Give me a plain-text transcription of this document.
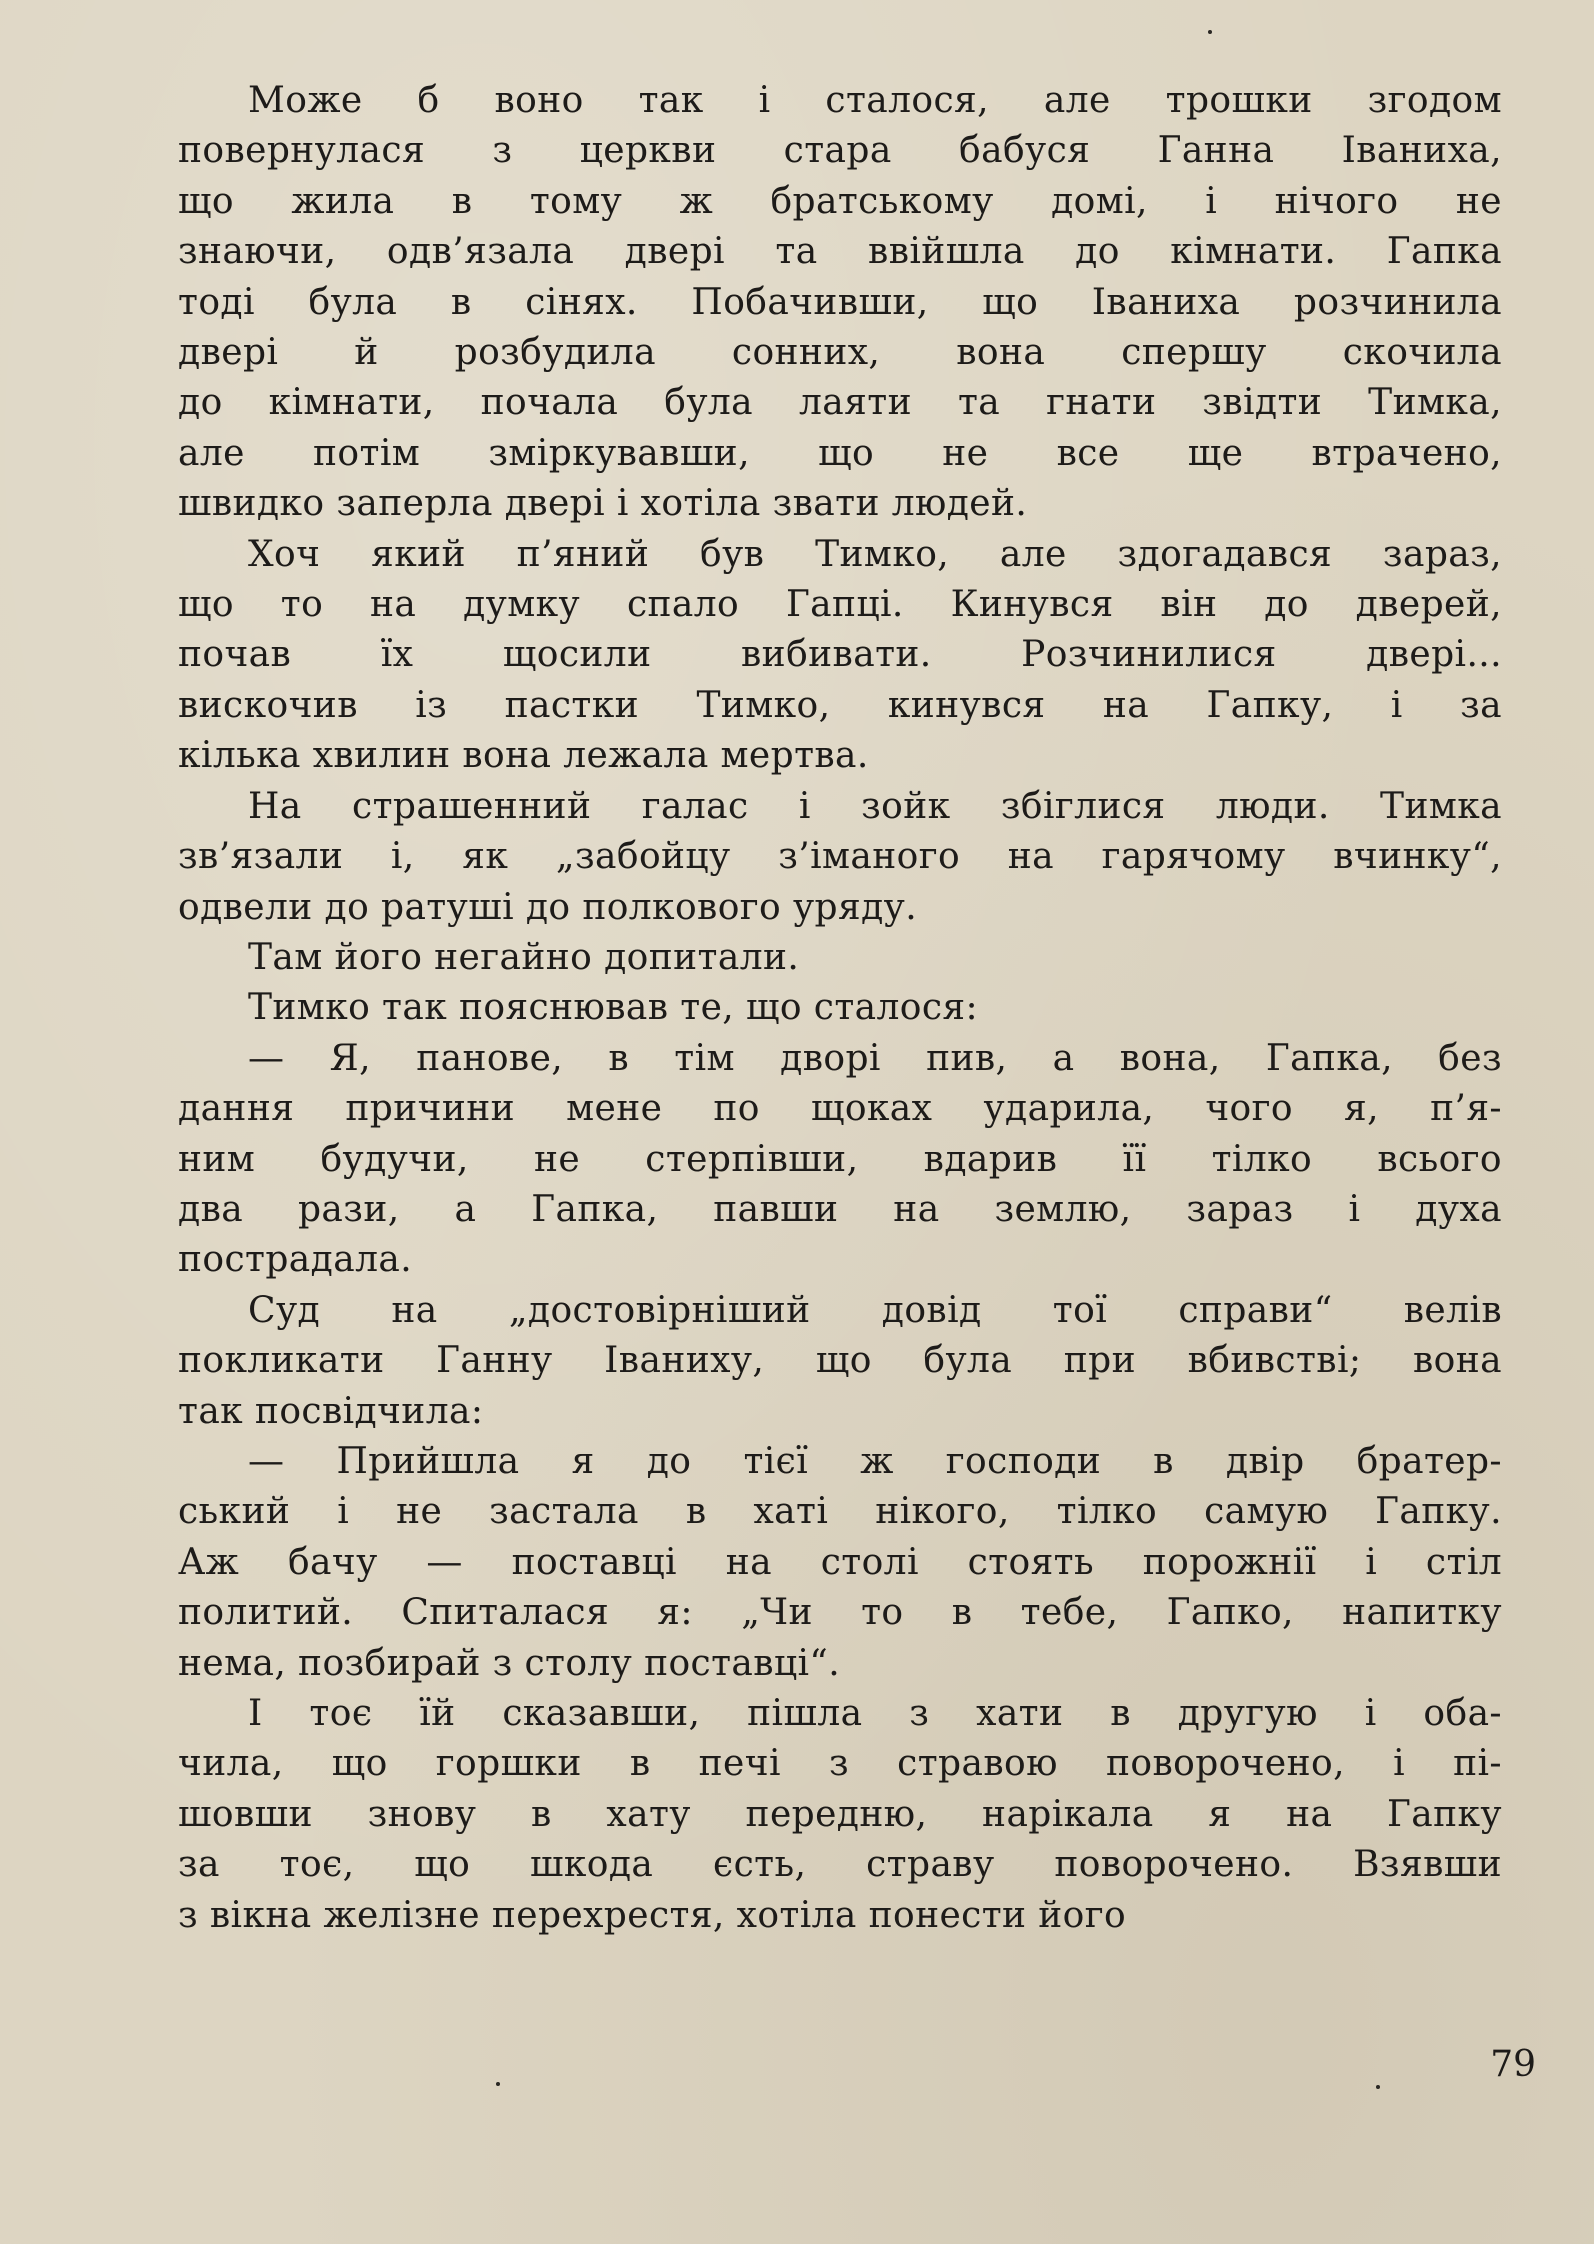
Може б воно так і сталося, але трошки згодом
повернулася з церкви стара бабуся Ганна Іваниха,
що жила в тому ж братському домі, і нічого не
знаючи, одв’язала двері та ввійшла до кімнати. Гапка
тоді була в сінях. Побачивши, що Іваниха розчинила
двері й розбудила сонних, вона спершу скочила
до кімнати, почала була лаяти та гнати звідти Тимка,
але потім зміркувавши, що не все ще втрачено,
швидко заперла двері і хотіла звати людей.
Хоч який п’яний був Тимко, але здогадався зараз,
що то на думку спало Гапці. Кинувся він до дверей,
почав їх щосили вибивати. Розчинилися двері...
вискочив із пастки Тимко, кинувся на Гапку, і за
кілька хвилин вона лежала мертва.
На страшенний галас і зойк збіглися люди. Тимка
зв’язали і, як „забойцу з’іманого на гарячому вчинку“,
одвели до ратуші до полкового уряду.
Там його негайно допитали.
Тимко так пояснював те, що сталося:
— Я, панове, в тім дворі пив, а вона, Гапка, без
дання причини мене по щоках ударила, чого я, п’я-
ним будучи, не стерпівши, вдарив її тілко всього
два рази, а Гапка, павши на землю, зараз і духа
пострадала.
Суд на „достовірніший довід тої справи“ велів
покликати Ганну Іваниху, що була при вбивстві; вона
так посвідчила:
— Прийшла я до тієї ж господи в двір братер-
ський і не застала в хаті нікого, тілко самую Гапку.
Аж бачу — поставці на столі стоять порожнії і стіл
политий. Спиталася я: „Чи то в тебе, Гапко, напитку
нема, позбирай з столу поставці“.
І тоє їй сказавши, пішла з хати в другую і оба-
чила, що горшки в печі з стравою поворочено, і пі-
шовши знову в хату передню, нарікала я на Гапку
за тоє, що шкода єсть, страву поворочено. Взявши
з вікна желізне перехрестя, хотіла понести його
79
